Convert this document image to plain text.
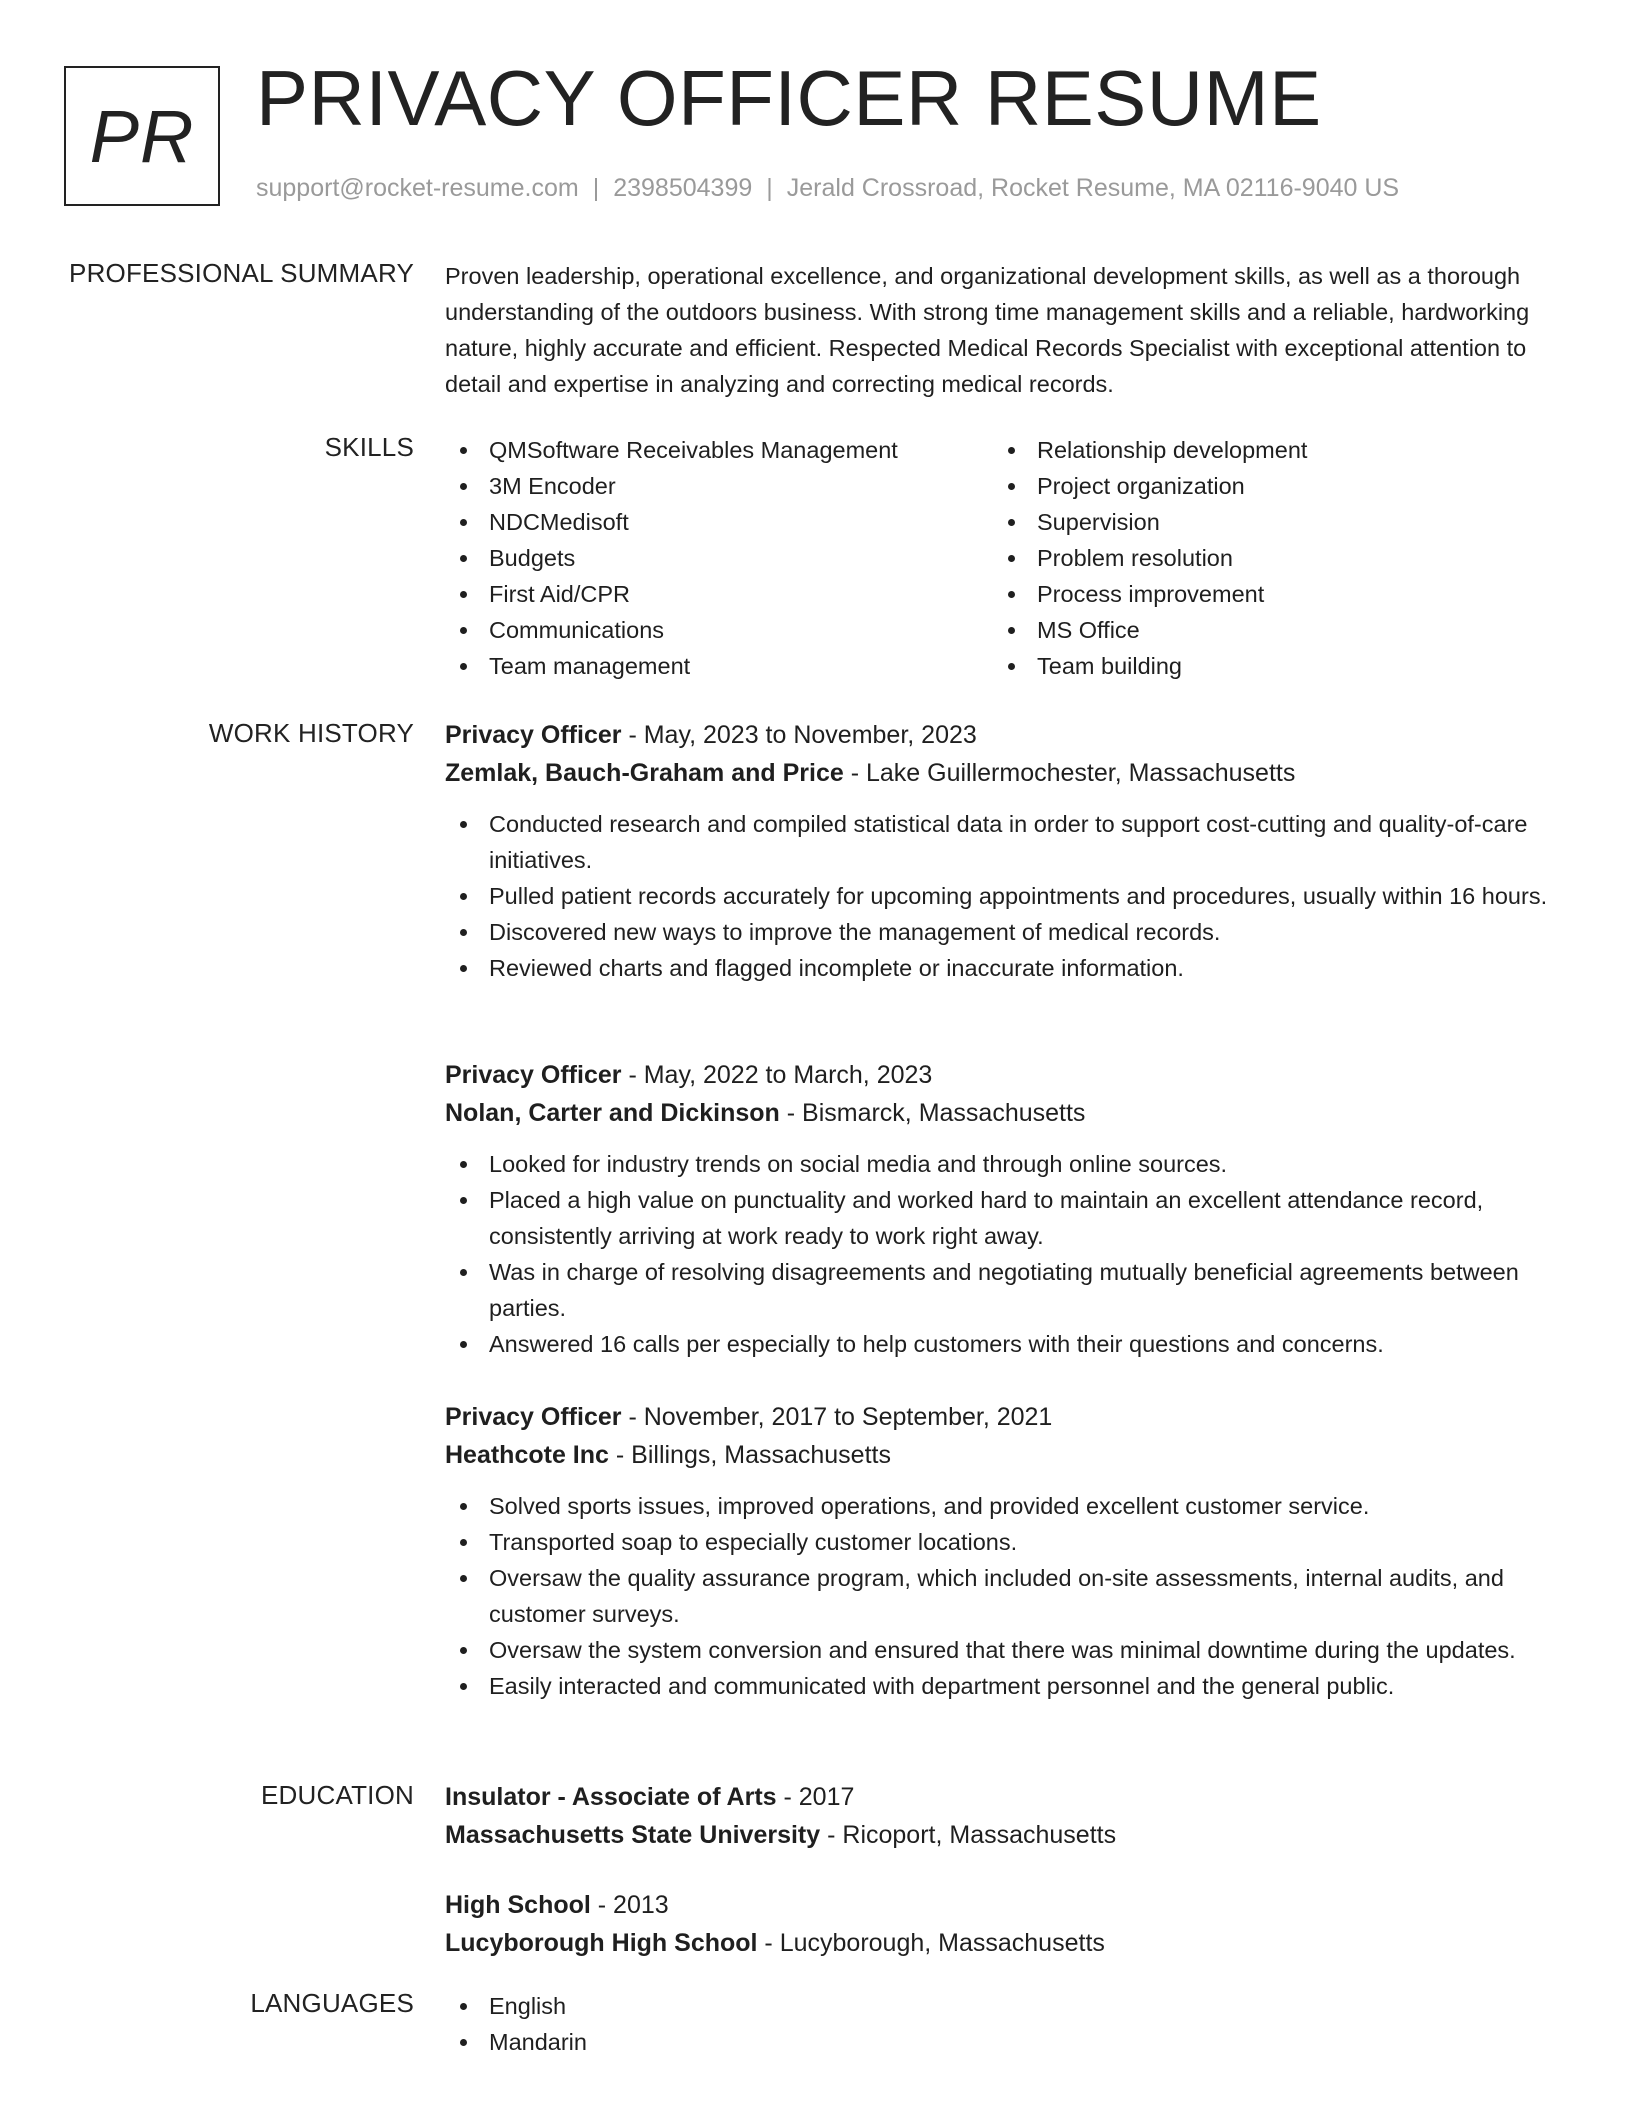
PR PRIVACY OFFICER RESUME
support@rocket-resume.com | 2398504399 | Jerald Crossroad, Rocket Resume, MA 02116-9040 US
PROFESSIONAL SUMMARY Proven leadership, operational excellence, and organizational development skills, as well as a thorough understanding of the outdoors business. With strong time management skills and a reliable, hardworking nature, highly accurate and efficient. Respected Medical Records Specialist with exceptional attention to detail and expertise in analyzing and correcting medical records.

SKILLS	QMSoftware Receivables Management
3M Encoder
NDCMedisoft
Budgets
First Aid/CPR
Communications
Team management
Relationship development
Project organization
Supervision
Problem resolution
Process improvement
MS Office
Team building
WORK HISTORY Privacy Officer - May, 2023 to November, 2023
Zemlak, Bauch-Graham and Price - Lake Guillermochester, Massachusetts
Conducted research and compiled statistical data in order to support cost-cutting and quality-of-care initiatives.
Pulled patient records accurately for upcoming appointments and procedures, usually within 16 hours.
Discovered new ways to improve the management of medical records.
Reviewed charts and flagged incomplete or inaccurate information.
Privacy Officer - May, 2022 to March, 2023
Nolan, Carter and Dickinson - Bismarck, Massachusetts
Looked for industry trends on social media and through online sources.
Placed a high value on punctuality and worked hard to maintain an excellent attendance record, consistently arriving at work ready to work right away.
Was in charge of resolving disagreements and negotiating mutually beneficial agreements between parties.
Answered 16 calls per especially to help customers with their questions and concerns.
Privacy Officer - November, 2017 to September, 2021
Heathcote Inc - Billings, Massachusetts
Solved sports issues, improved operations, and provided excellent customer service.
Transported soap to especially customer locations.
Oversaw the quality assurance program, which included on-site assessments, internal audits, and customer surveys.
Oversaw the system conversion and ensured that there was minimal downtime during the updates.
Easily interacted and communicated with department personnel and the general public.
EDUCATION Insulator - Associate of Arts - 2017
Massachusetts State University - Ricoport, Massachusetts
High School - 2013
Lucyborough High School - Lucyborough, Massachusetts
LANGUAGES	English
Mandarin
